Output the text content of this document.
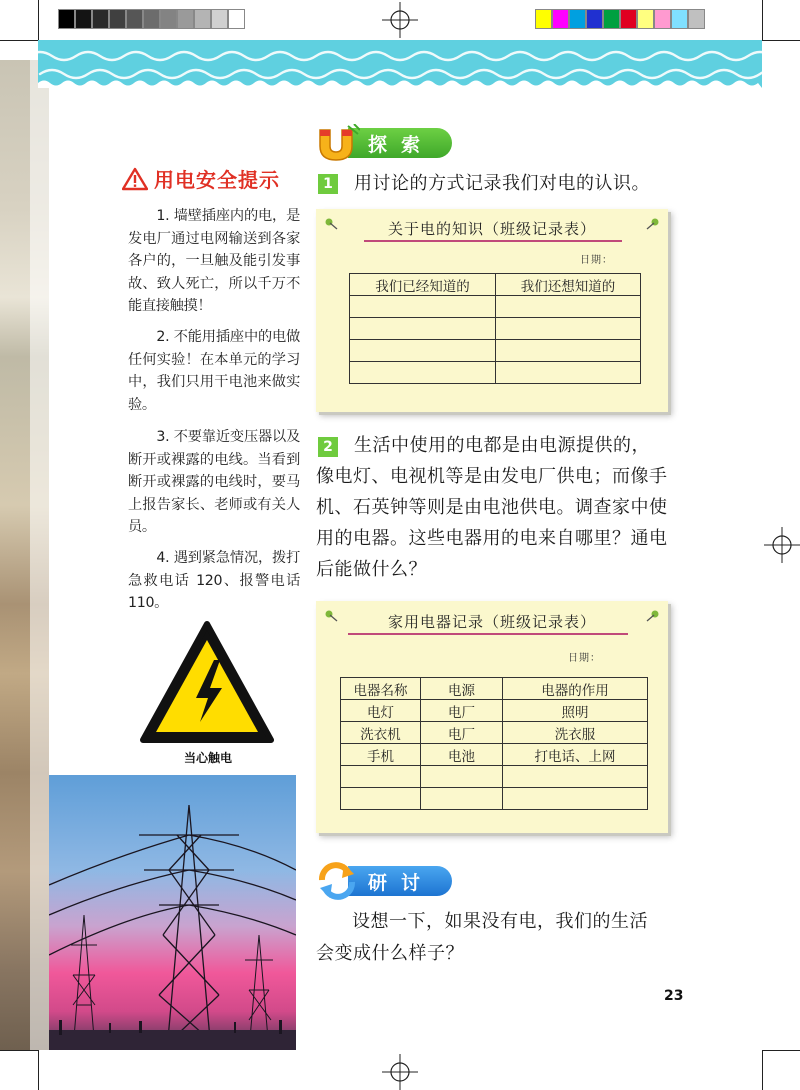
用电安全提示

1. 墙壁插座内的电，是发电厂通过电网输送到各家各户的，一旦触及能引发事故、致人死亡，所以千万不能直接触摸！

2. 不能用插座中的电做任何实验！在本单元的学习中，我们只用干电池来做实验。

3. 不要靠近变压器以及断开或裸露的电线。当看到断开或裸露的电线时，要马上报告家长、老师或有关人员。

4. 遇到紧急情况，拨打急救电话 120、报警电话 110。

当心触电
探索
1 用讨论的方式记录我们对电的认识。
关于电的知识（班级记录表）
日期：
我们已经知道的	我们还想知道的

2 生活中使用的电都是由电源提供的，
像电灯、电视机等是由发电厂供电；而像手
机、石英钟等则是由电池供电。调查家中使
用的电器。这些电器用的电来自哪里？通电
后能做什么？
家用电器记录（班级记录表）
日期：
电器名称	电源	电器的作用
电灯	电厂	照明
洗衣机	电厂	洗衣服
手机	电池	打电话、上网

研讨
设想一下，如果没有电，我们的生活
会变成什么样子？
23
